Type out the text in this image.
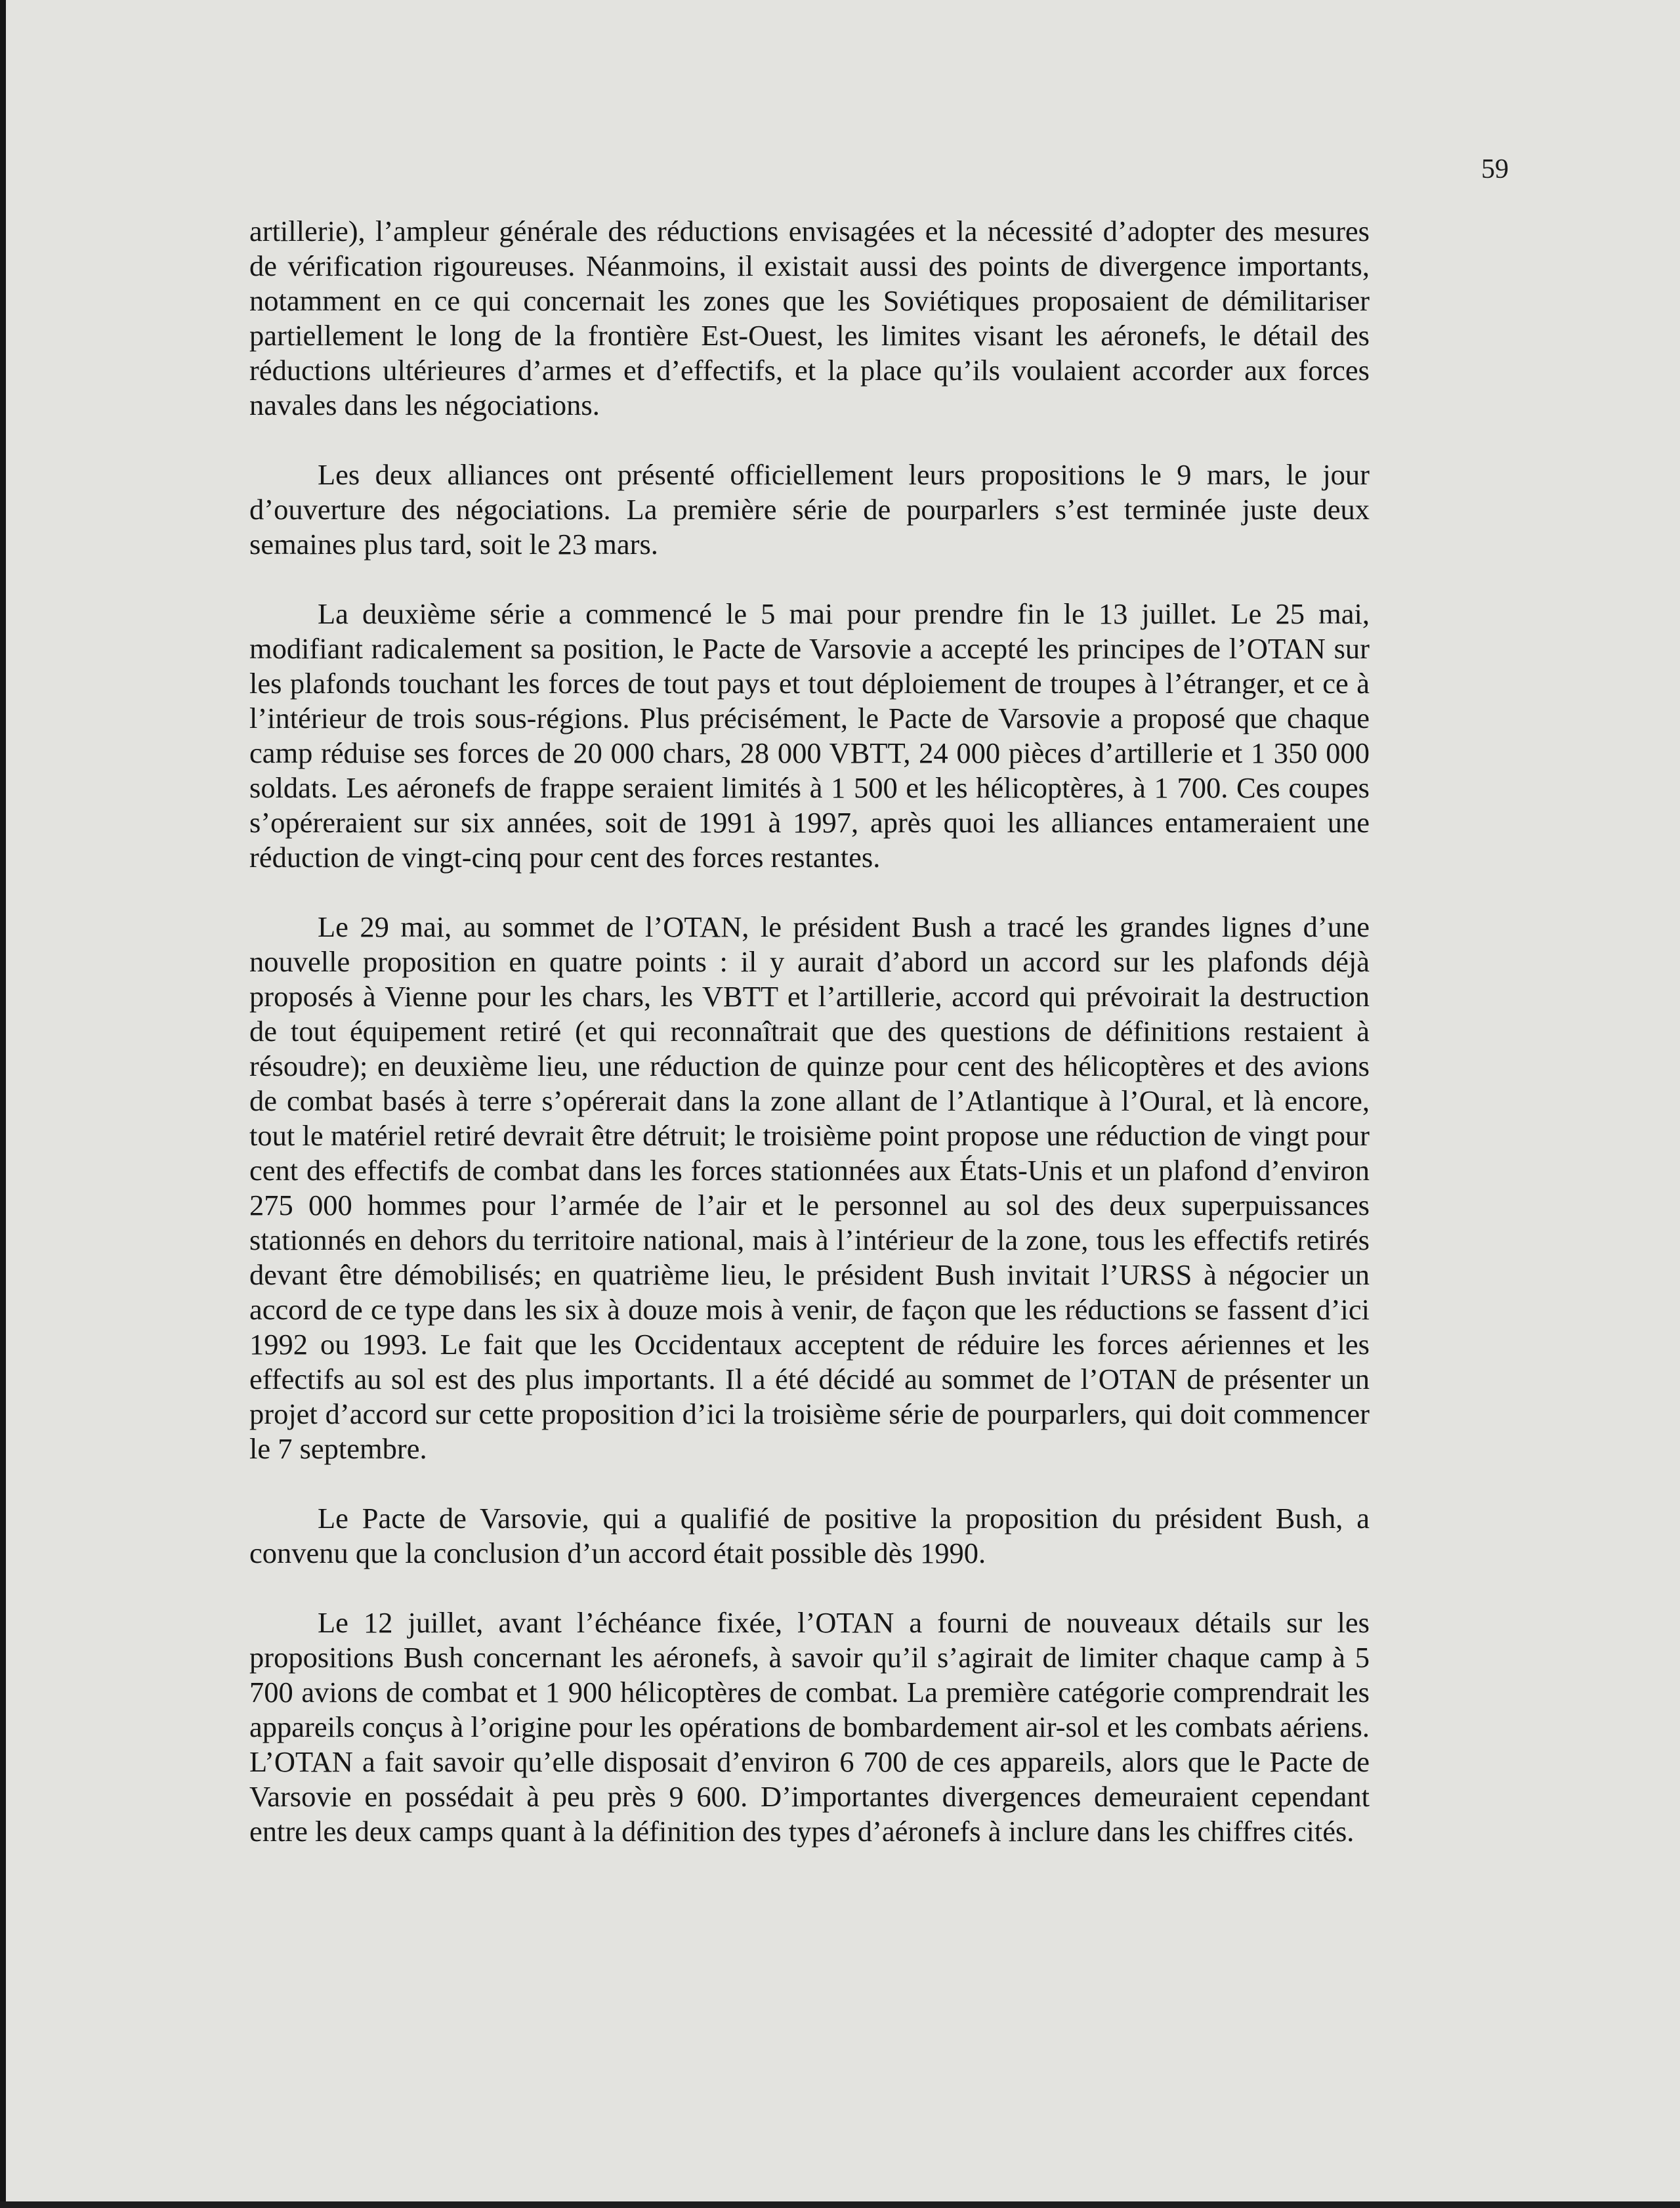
59

artillerie), l’ampleur générale des réductions envisagées et la nécessité d’adopter des mesures de vérification rigoureuses. Néanmoins, il existait aussi des points de divergence importants, notamment en ce qui concernait les zones que les Soviétiques proposaient de démilitariser partiellement le long de la frontière Est-Ouest, les limites visant les aéronefs, le détail des réductions ultérieures d’armes et d’effectifs, et la place qu’ils voulaient accorder aux forces navales dans les négociations.

Les deux alliances ont présenté officiellement leurs propositions le 9 mars, le jour d’ouverture des négociations. La première série de pourparlers s’est terminée juste deux semaines plus tard, soit le 23 mars.

La deuxième série a commencé le 5 mai pour prendre fin le 13 juillet. Le 25 mai, modifiant radicalement sa position, le Pacte de Varsovie a accepté les principes de l’OTAN sur les plafonds touchant les forces de tout pays et tout déploiement de troupes à l’étranger, et ce à l’intérieur de trois sous-régions. Plus précisément, le Pacte de Varsovie a proposé que chaque camp réduise ses forces de 20 000 chars, 28 000 VBTT, 24 000 pièces d’artillerie et 1 350 000 soldats. Les aéronefs de frappe seraient limités à 1 500 et les hélicoptères, à 1 700. Ces coupes s’opéreraient sur six années, soit de 1991 à 1997, après quoi les alliances entameraient une réduction de vingt-cinq pour cent des forces restantes.

Le 29 mai, au sommet de l’OTAN, le président Bush a tracé les grandes lignes d’une nouvelle proposition en quatre points : il y aurait d’abord un accord sur les plafonds déjà proposés à Vienne pour les chars, les VBTT et l’artillerie, accord qui prévoirait la destruction de tout équipement retiré (et qui reconnaîtrait que des questions de définitions restaient à résoudre); en deuxième lieu, une réduction de quinze pour cent des hélicoptères et des avions de combat basés à terre s’opérerait dans la zone allant de l’Atlantique à l’Oural, et là encore, tout le matériel retiré devrait être détruit; le troisième point propose une réduction de vingt pour cent des effectifs de combat dans les forces stationnées aux États-Unis et un plafond d’environ 275 000 hommes pour l’armée de l’air et le personnel au sol des deux superpuissances stationnés en dehors du territoire national, mais à l’intérieur de la zone, tous les effectifs retirés devant être démobilisés; en quatrième lieu, le président Bush invitait l’URSS à négocier un accord de ce type dans les six à douze mois à venir, de façon que les réductions se fassent d’ici 1992 ou 1993. Le fait que les Occidentaux acceptent de réduire les forces aériennes et les effectifs au sol est des plus importants. Il a été décidé au sommet de l’OTAN de présenter un projet d’accord sur cette proposition d’ici la troisième série de pourparlers, qui doit commencer le 7 septembre.

Le Pacte de Varsovie, qui a qualifié de positive la proposition du président Bush, a convenu que la conclusion d’un accord était possible dès 1990.

Le 12 juillet, avant l’échéance fixée, l’OTAN a fourni de nouveaux détails sur les propositions Bush concernant les aéronefs, à savoir qu’il s’agirait de limiter chaque camp à 5 700 avions de combat et 1 900 hélicoptères de combat. La première catégorie comprendrait les appareils conçus à l’origine pour les opérations de bombardement air-sol et les combats aériens. L’OTAN a fait savoir qu’elle disposait d’environ 6 700 de ces appareils, alors que le Pacte de Varsovie en possédait à peu près 9 600. D’importantes divergences demeuraient cependant entre les deux camps quant à la définition des types d’aéronefs à inclure dans les chiffres cités.
